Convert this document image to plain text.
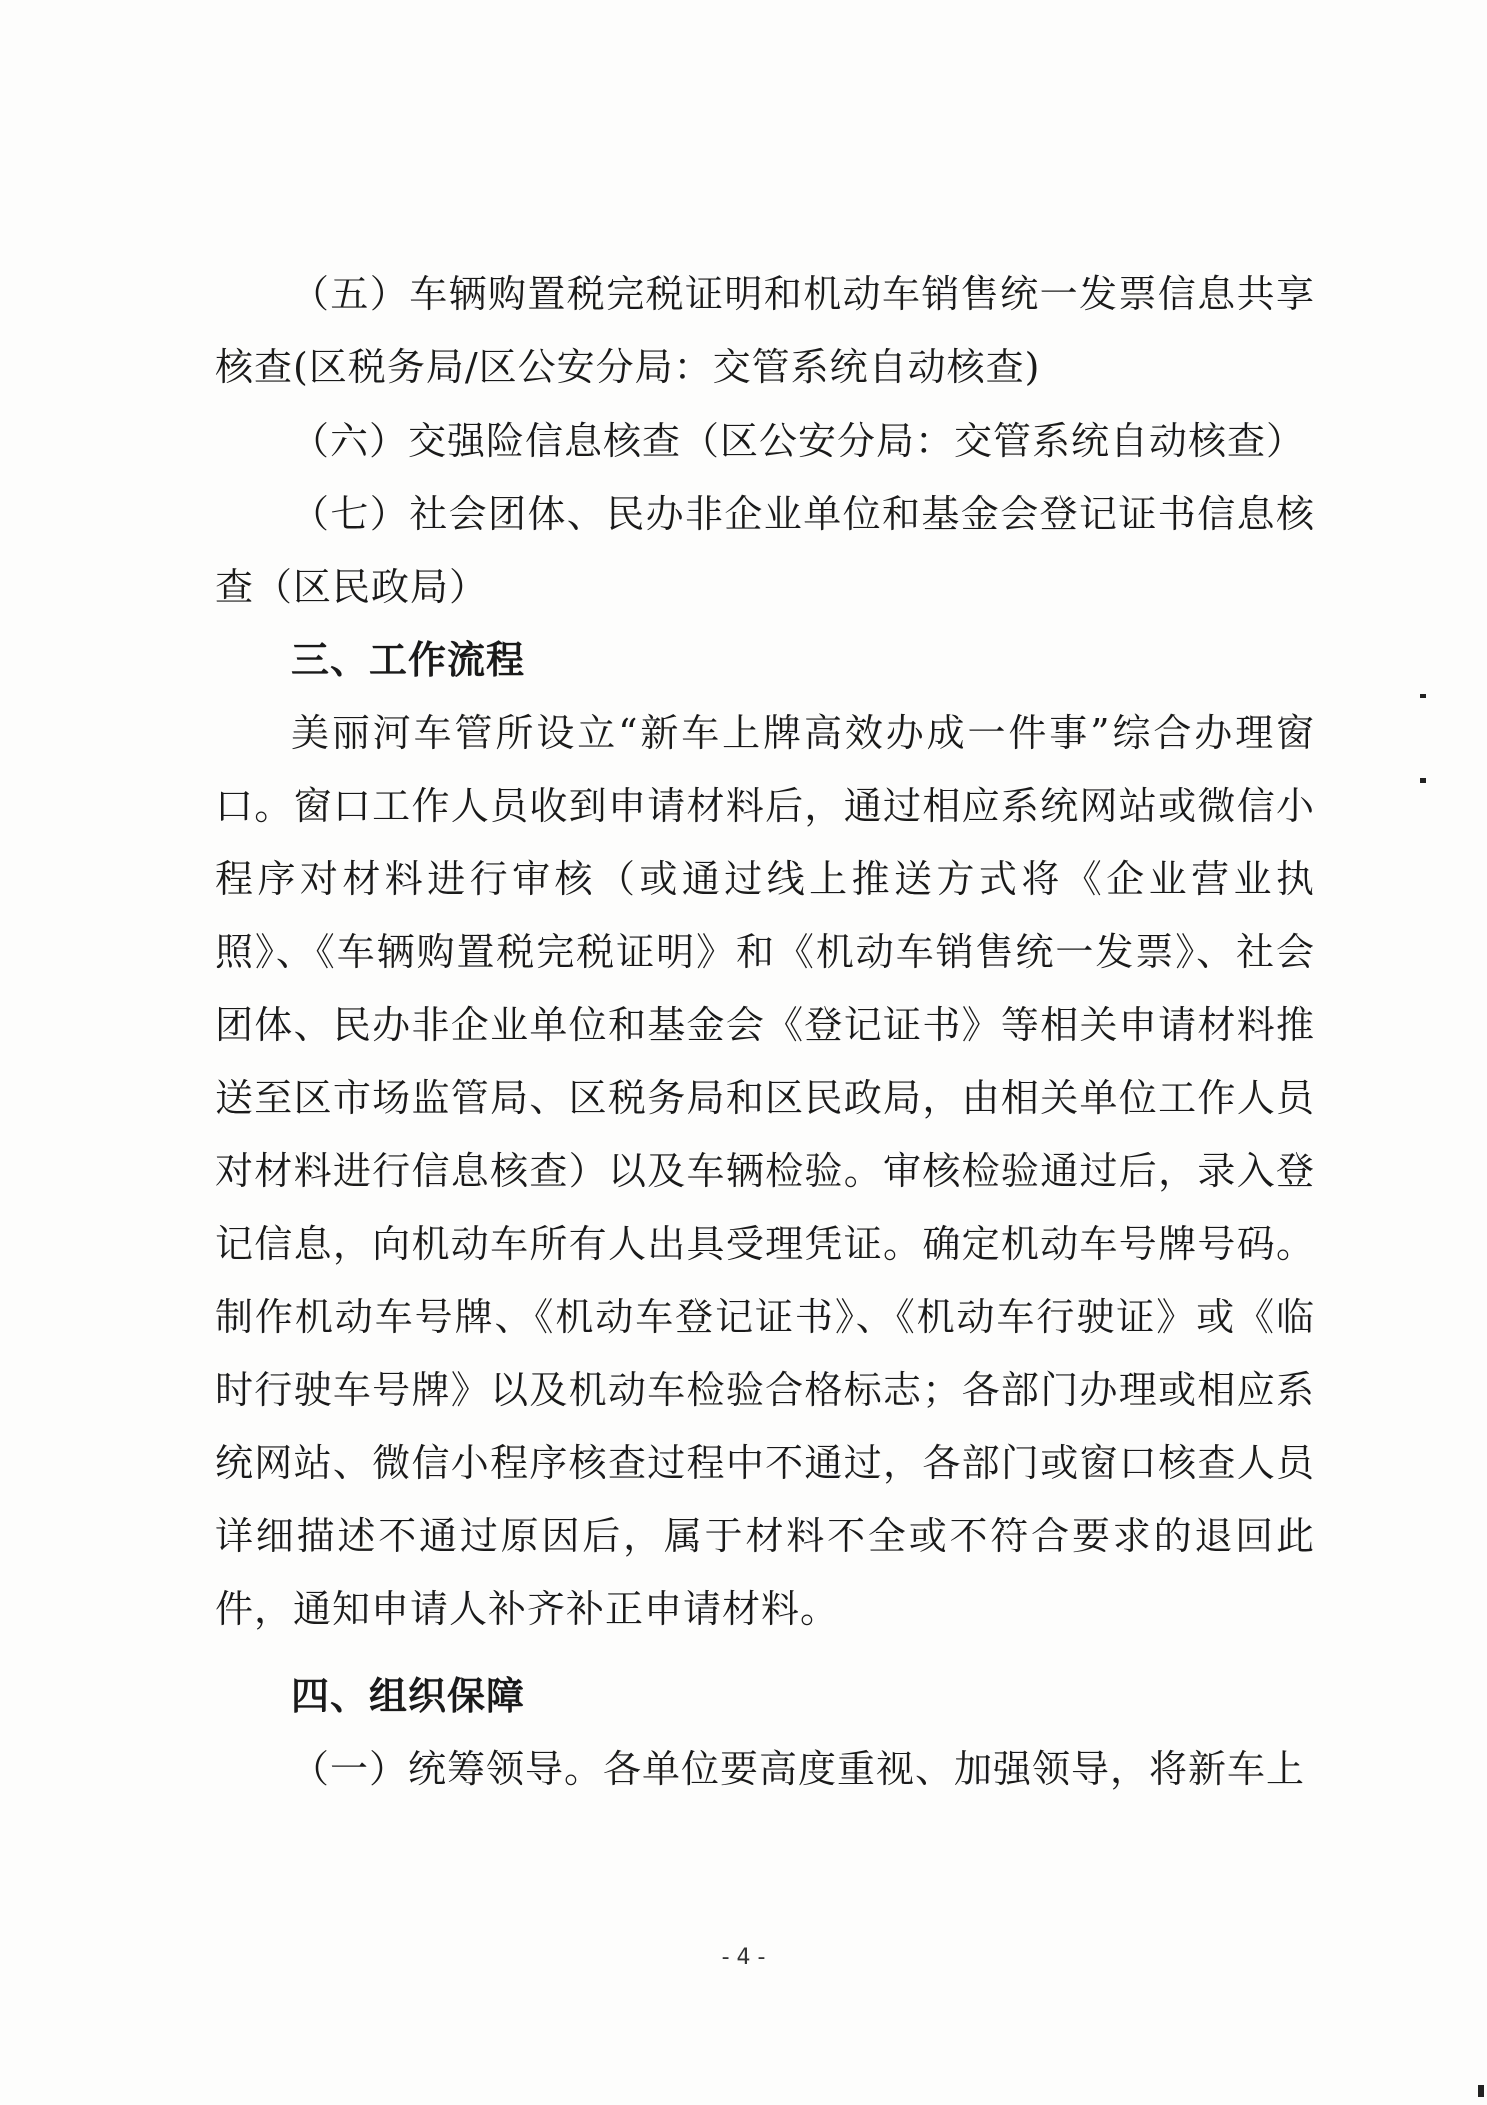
（五）车辆购置税完税证明和机动车销售统一发票信息共享核查(区税务局/区公安分局：交管系统自动核查)

（六）交强险信息核查（区公安分局：交管系统自动核查）

（七）社会团体、民办非企业单位和基金会登记证书信息核查（区民政局）

三、工作流程

美丽河车管所设立“新车上牌高效办成一件事”综合办理窗口。窗口工作人员收到申请材料后，通过相应系统网站或微信小程序对材料进行审核（或通过线上推送方式将《企业营业执照》、《车辆购置税完税证明》和《机动车销售统一发票》、社会团体、民办非企业单位和基金会《登记证书》等相关申请材料推送至区市场监管局、区税务局和区民政局，由相关单位工作人员对材料进行信息核查）以及车辆检验。审核检验通过后，录入登记信息，向机动车所有人出具受理凭证。确定机动车号牌号码。制作机动车号牌、《机动车登记证书》、《机动车行驶证》或《临时行驶车号牌》以及机动车检验合格标志；各部门办理或相应系统网站、微信小程序核查过程中不通过，各部门或窗口核查人员详细描述不通过原因后，属于材料不全或不符合要求的退回此件，通知申请人补齐补正申请材料。

四、组织保障

（一）统筹领导。各单位要高度重视、加强领导，将新车上

- 4 -
